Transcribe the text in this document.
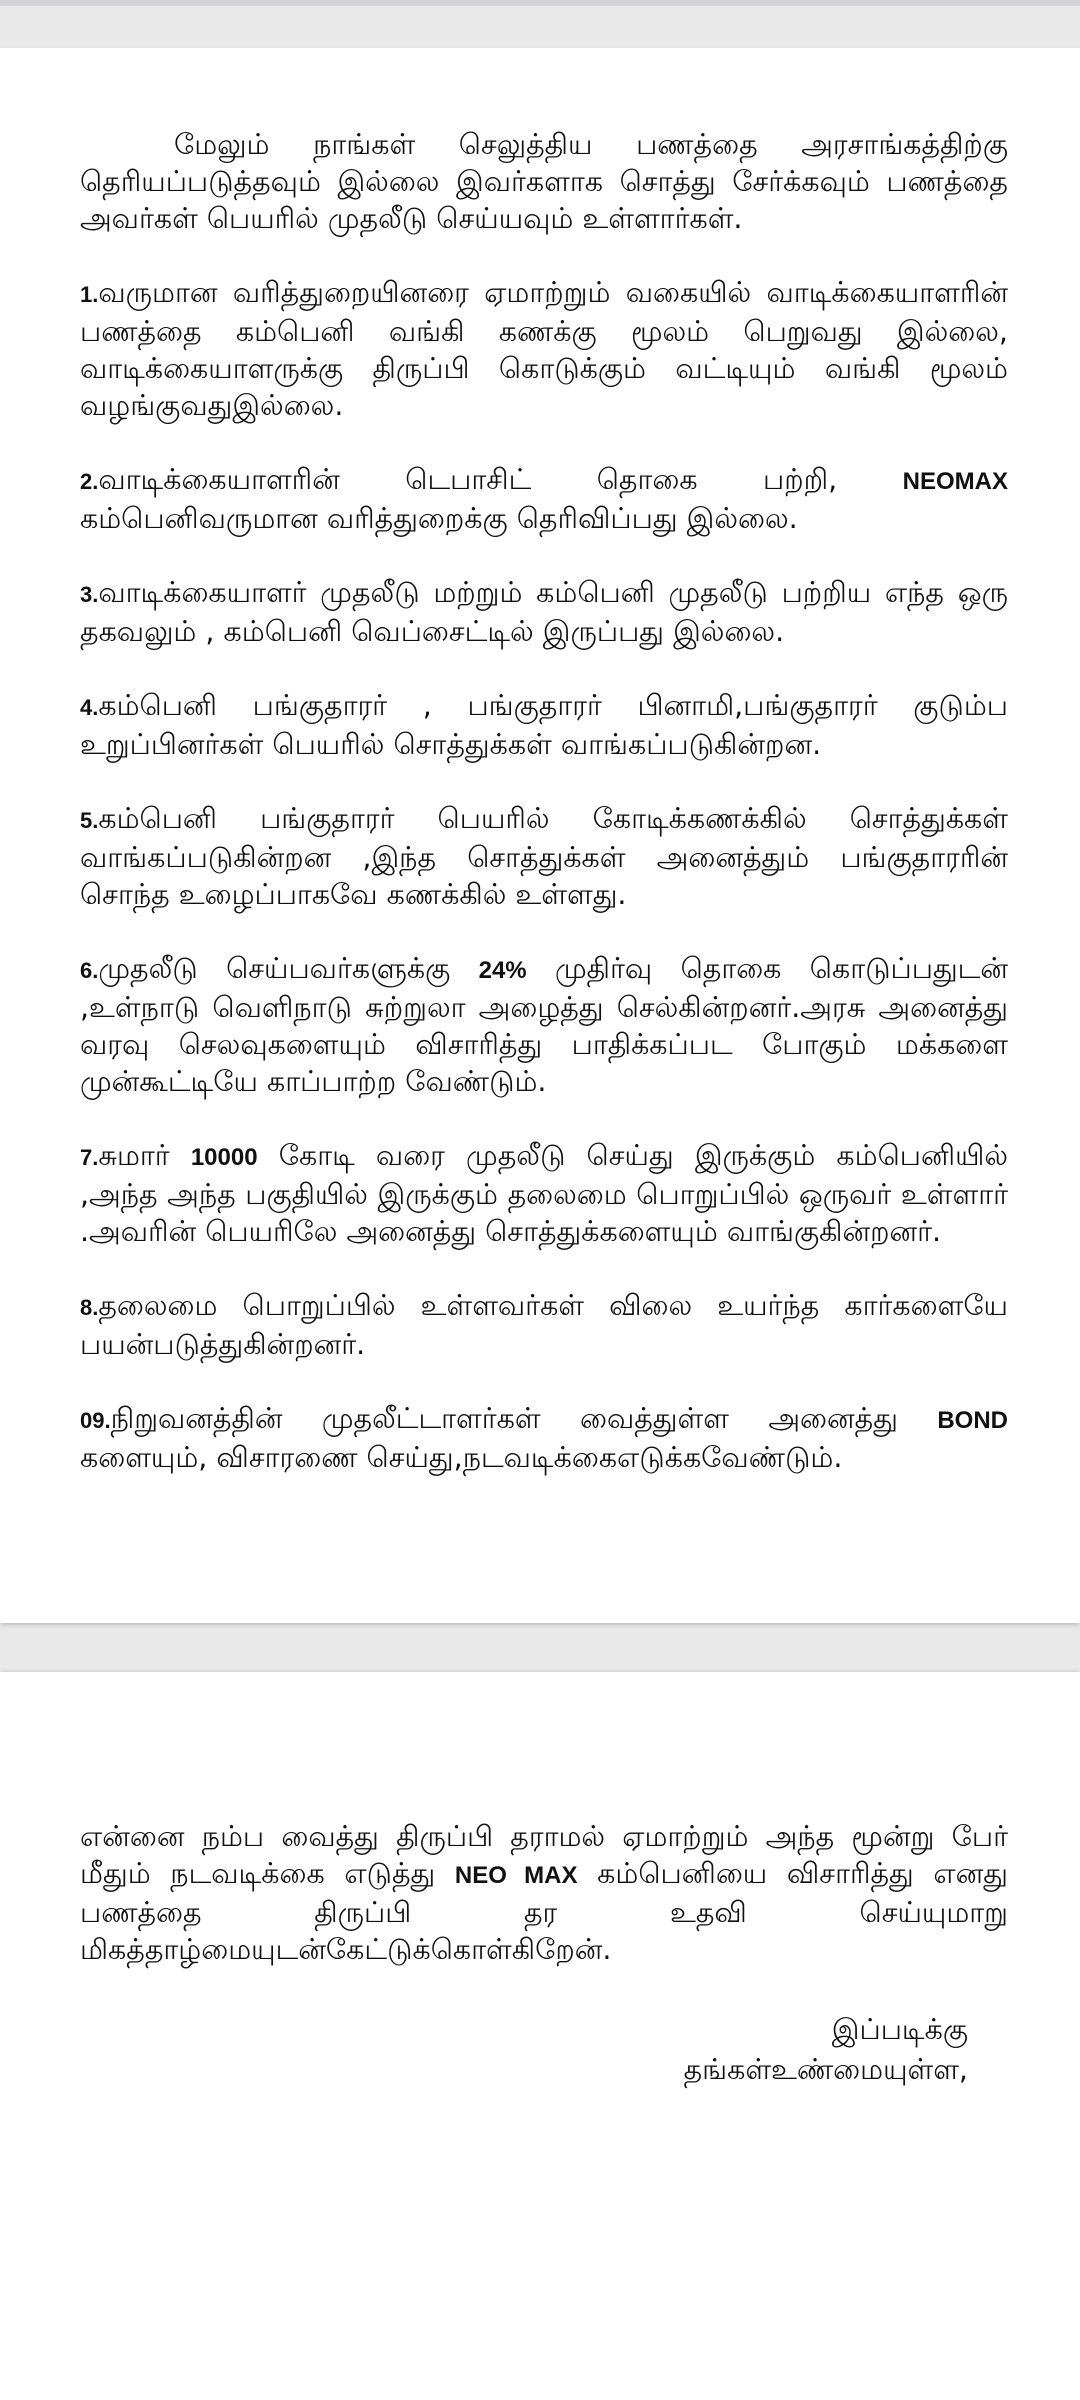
மேலும் நாங்கள் செலுத்திய பணத்தை அரசாங்கத்திற்கு தெரியப்படுத்தவும் இல்லை இவர்களாக சொத்து சேர்க்கவும் பணத்தை அவர்கள் பெயரில் முதலீடு செய்யவும் உள்ளார்கள்.

1.வருமான வரித்துறையினரை ஏமாற்றும் வகையில் வாடிக்கையாளரின் பணத்தை கம்பெனி வங்கி கணக்கு மூலம் பெறுவது இல்லை, வாடிக்கையாளருக்கு திருப்பி கொடுக்கும் வட்டியும் வங்கி மூலம் வழங்குவதுஇல்லை.

2.வாடிக்கையாளரின் டெபாசிட் தொகை பற்றி, NEOMAX கம்பெனிவருமான வரித்துறைக்கு தெரிவிப்பது இல்லை.

3.வாடிக்கையாளர் முதலீடு மற்றும் கம்பெனி முதலீடு பற்றிய எந்த ஒரு தகவலும் , கம்பெனி வெப்சைட்டில் இருப்பது இல்லை.

4.கம்பெனி பங்குதாரர் , பங்குதாரர் பினாமி,பங்குதாரர் குடும்ப உறுப்பினர்கள் பெயரில் சொத்துக்கள் வாங்கப்படுகின்றன.

5.கம்பெனி பங்குதாரர் பெயரில் கோடிக்கணக்கில் சொத்துக்கள் வாங்கப்படுகின்றன ,இந்த சொத்துக்கள் அனைத்தும் பங்குதாரரின் சொந்த உழைப்பாகவே கணக்கில் உள்ளது.

6.முதலீடு செய்பவர்களுக்கு 24% முதிர்வு தொகை கொடுப்பதுடன் ,உள்நாடு வெளிநாடு சுற்றுலா அழைத்து செல்கின்றனர்.அரசு அனைத்து வரவு செலவுகளையும் விசாரித்து பாதிக்கப்பட போகும் மக்களை முன்கூட்டியே காப்பாற்ற வேண்டும்.

7.சுமார் 10000 கோடி வரை முதலீடு செய்து இருக்கும் கம்பெனியில் ,அந்த அந்த பகுதியில் இருக்கும் தலைமை பொறுப்பில் ஒருவர் உள்ளார் .அவரின் பெயரிலே அனைத்து சொத்துக்களையும் வாங்குகின்றனர்.

8.தலைமை பொறுப்பில் உள்ளவர்கள் விலை உயர்ந்த கார்களையே பயன்படுத்துகின்றனர்.

09.நிறுவனத்தின் முதலீட்டாளர்கள் வைத்துள்ள அனைத்து BOND களையும், விசாரணை செய்து,நடவடிக்கைஎடுக்கவேண்டும்.

என்னை நம்ப வைத்து திருப்பி தராமல் ஏமாற்றும் அந்த மூன்று பேர் மீதும் நடவடிக்கை எடுத்து NEO MAX கம்பெனியை விசாரித்து எனது பணத்தை திருப்பி தர உதவி செய்யுமாறு மிகத்தாழ்மையுடன்கேட்டுக்கொள்கிறேன்.

இப்படிக்கு
தங்கள்உண்மையுள்ள,
